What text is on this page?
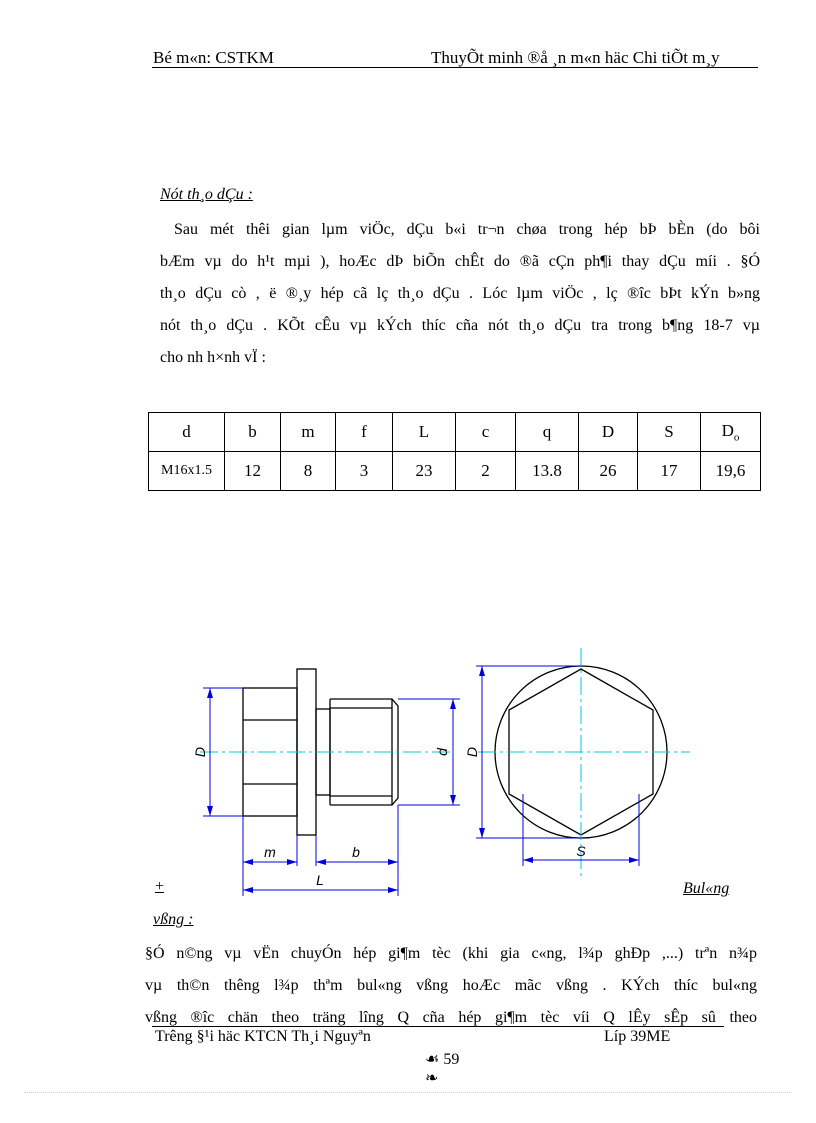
Bé m«n: CSTKM	ThuyÕt minh ®å ¸n m«n häc Chi tiÕt m¸y
Nót th¸o dÇu :
Sau mét thêi gian lµm viÖc, dÇu b«i tr¬n chøa trong hép bÞ bÈn (do bôi
bÆm vµ do h¹t mµi ), hoÆc dÞ biÕn chÊt do ®ã cÇn ph¶i thay dÇu míi . §Ó
th¸o dÇu cò , ë ®¸y hép cã lç th¸o dÇu . Lóc lµm viÖc , lç ®îc bÞt kÝn b»ng
nót th¸o dÇu . KÕt cÊu vµ kÝch thíc cña nót th¸o dÇu tra trong b¶ng 18-7 vµ
cho nh h×nh vÏ :
d	b	m	f	L	c	q	D	S	$D_o$
M16x1.5	12	8	3	23	2	13.8	26	17	19,6
D	d D
m	b
L
S
+	Bul«ng
vßng :
§Ó n©ng vµ vËn chuyÓn hép gi¶m tèc (khi gia c«ng, l¾p ghÐp ,...) trªn n¾p
vµ th©n thêng l¾p thªm bul«ng vßng hoÆc mãc vßng . KÝch thíc bul«ng
vßng ®îc chän theo träng lîng Q cña hép gi¶m tèc víi Q lÊy sÊp sû theo
Trêng §¹i häc KTCN Th¸i Nguyªn	Líp 39ME
☙ 59
❧
